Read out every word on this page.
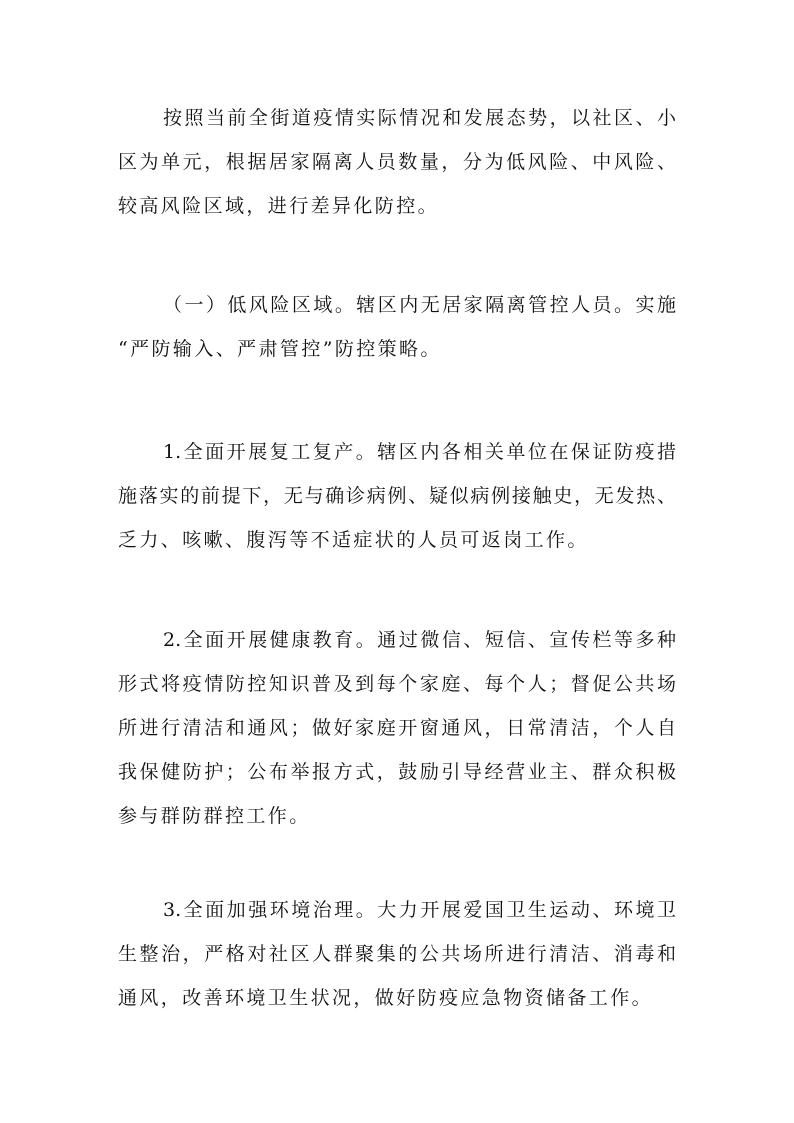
按照当前全街道疫情实际情况和发展态势，以社区、小
区为单元，根据居家隔离人员数量，分为低风险、中风险、
较高风险区域，进行差异化防控。
（一）低风险区域。辖区内无居家隔离管控人员。实施
“严防输入、严肃管控”防控策略。
1.全面开展复工复产。辖区内各相关单位在保证防疫措
施落实的前提下，无与确诊病例、疑似病例接触史，无发热、
乏力、咳嗽、腹泻等不适症状的人员可返岗工作。
2.全面开展健康教育。通过微信、短信、宣传栏等多种
形式将疫情防控知识普及到每个家庭、每个人；督促公共场
所进行清洁和通风；做好家庭开窗通风，日常清洁，个人自
我保健防护；公布举报方式，鼓励引导经营业主、群众积极
参与群防群控工作。
3.全面加强环境治理。大力开展爱国卫生运动、环境卫
生整治，严格对社区人群聚集的公共场所进行清洁、消毒和
通风，改善环境卫生状况，做好防疫应急物资储备工作。
